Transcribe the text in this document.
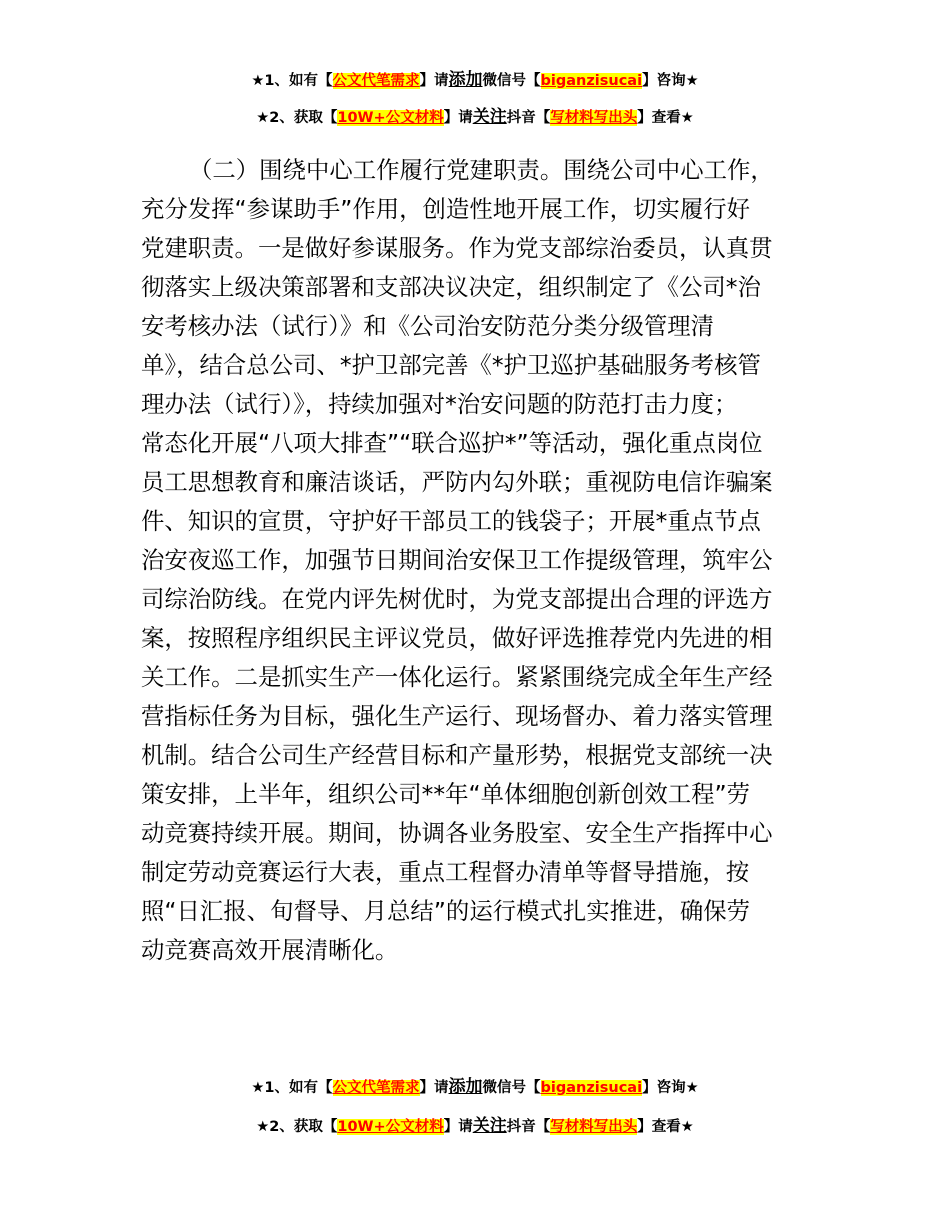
★1、如有【公文代笔需求】请添加微信号【biganzisucai】咨询★
★2、获取【10W+公文材料】请关注抖音【写材料写出头】查看★
（二）围绕中心工作履行党建职责。围绕公司中心工作，
充分发挥“参谋助手”作用，创造性地开展工作，切实履行好
党建职责。一是做好参谋服务。作为党支部综治委员，认真贯
彻落实上级决策部署和支部决议决定，组织制定了《公司*治
安考核办法（试行）》和《公司治安防范分类分级管理清
单》，结合总公司、*护卫部完善《*护卫巡护基础服务考核管
理办法（试行）》，持续加强对*治安问题的防范打击力度；
常态化开展“八项大排查”“联合巡护*”等活动，强化重点岗位
员工思想教育和廉洁谈话，严防内勾外联；重视防电信诈骗案
件、知识的宣贯，守护好干部员工的钱袋子；开展*重点节点
治安夜巡工作，加强节日期间治安保卫工作提级管理，筑牢公
司综治防线。在党内评先树优时，为党支部提出合理的评选方
案，按照程序组织民主评议党员，做好评选推荐党内先进的相
关工作。二是抓实生产一体化运行。紧紧围绕完成全年生产经
营指标任务为目标，强化生产运行、现场督办、着力落实管理
机制。结合公司生产经营目标和产量形势，根据党支部统一决
策安排，上半年，组织公司**年“单体细胞创新创效工程”劳
动竞赛持续开展。期间，协调各业务股室、安全生产指挥中心
制定劳动竞赛运行大表，重点工程督办清单等督导措施，按
照“日汇报、旬督导、月总结”的运行模式扎实推进，确保劳
动竞赛高效开展清晰化。
★1、如有【公文代笔需求】请添加微信号【biganzisucai】咨询★
★2、获取【10W+公文材料】请关注抖音【写材料写出头】查看★
